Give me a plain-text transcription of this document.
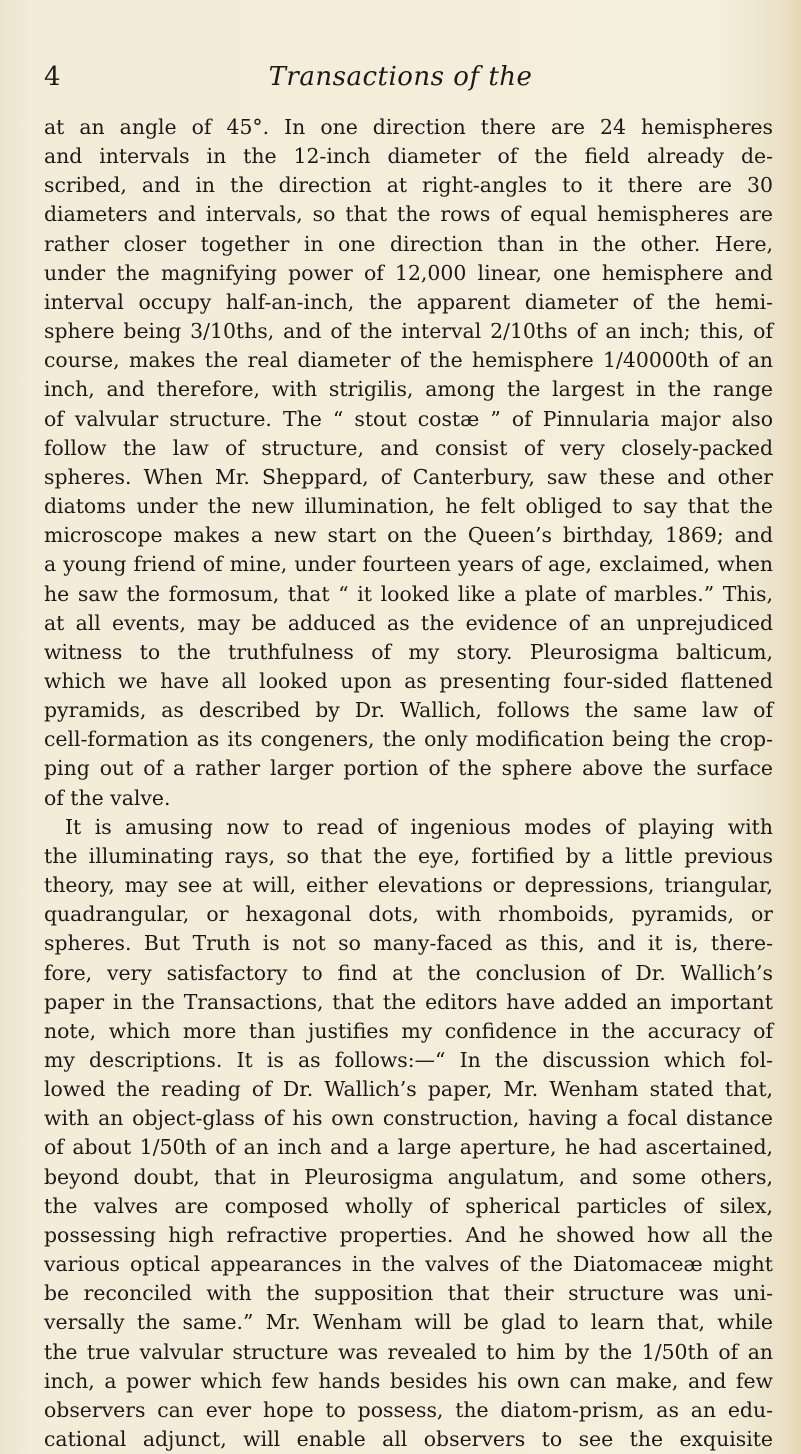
4	Transactions of the
at an angle of 45°. In one direction there are 24 hemispheres
and intervals in the 12-inch diameter of the field already de-
scribed, and in the direction at right-angles to it there are 30
diameters and intervals, so that the rows of equal hemispheres are
rather closer together in one direction than in the other. Here,
under the magnifying power of 12,000 linear, one hemisphere and
interval occupy half-an-inch, the apparent diameter of the hemi-
sphere being 3/10ths, and of the interval 2/10ths of an inch; this, of
course, makes the real diameter of the hemisphere 1/40000th of an
inch, and therefore, with strigilis, among the largest in the range
of valvular structure. The “ stout costæ ” of Pinnularia major also
follow the law of structure, and consist of very closely-packed
spheres. When Mr. Sheppard, of Canterbury, saw these and other
diatoms under the new illumination, he felt obliged to say that the
microscope makes a new start on the Queen’s birthday, 1869; and
a young friend of mine, under fourteen years of age, exclaimed, when
he saw the formosum, that “ it looked like a plate of marbles.” This,
at all events, may be adduced as the evidence of an unprejudiced
witness to the truthfulness of my story. Pleurosigma balticum,
which we have all looked upon as presenting four-sided flattened
pyramids, as described by Dr. Wallich, follows the same law of
cell-formation as its congeners, the only modification being the crop-
ping out of a rather larger portion of the sphere above the surface
of the valve.
It is amusing now to read of ingenious modes of playing with
the illuminating rays, so that the eye, fortified by a little previous
theory, may see at will, either elevations or depressions, triangular,
quadrangular, or hexagonal dots, with rhomboids, pyramids, or
spheres. But Truth is not so many-faced as this, and it is, there-
fore, very satisfactory to find at the conclusion of Dr. Wallich’s
paper in the Transactions, that the editors have added an important
note, which more than justifies my confidence in the accuracy of
my descriptions. It is as follows:—“ In the discussion which fol-
lowed the reading of Dr. Wallich’s paper, Mr. Wenham stated that,
with an object-glass of his own construction, having a focal distance
of about 1/50th of an inch and a large aperture, he had ascertained,
beyond doubt, that in Pleurosigma angulatum, and some others,
the valves are composed wholly of spherical particles of silex,
possessing high refractive properties. And he showed how all the
various optical appearances in the valves of the Diatomaceæ might
be reconciled with the supposition that their structure was uni-
versally the same.” Mr. Wenham will be glad to learn that, while
the true valvular structure was revealed to him by the 1/50th of an
inch, a power which few hands besides his own can make, and few
observers can ever hope to possess, the diatom-prism, as an edu-
cational adjunct, will enable all observers to see the exquisite
